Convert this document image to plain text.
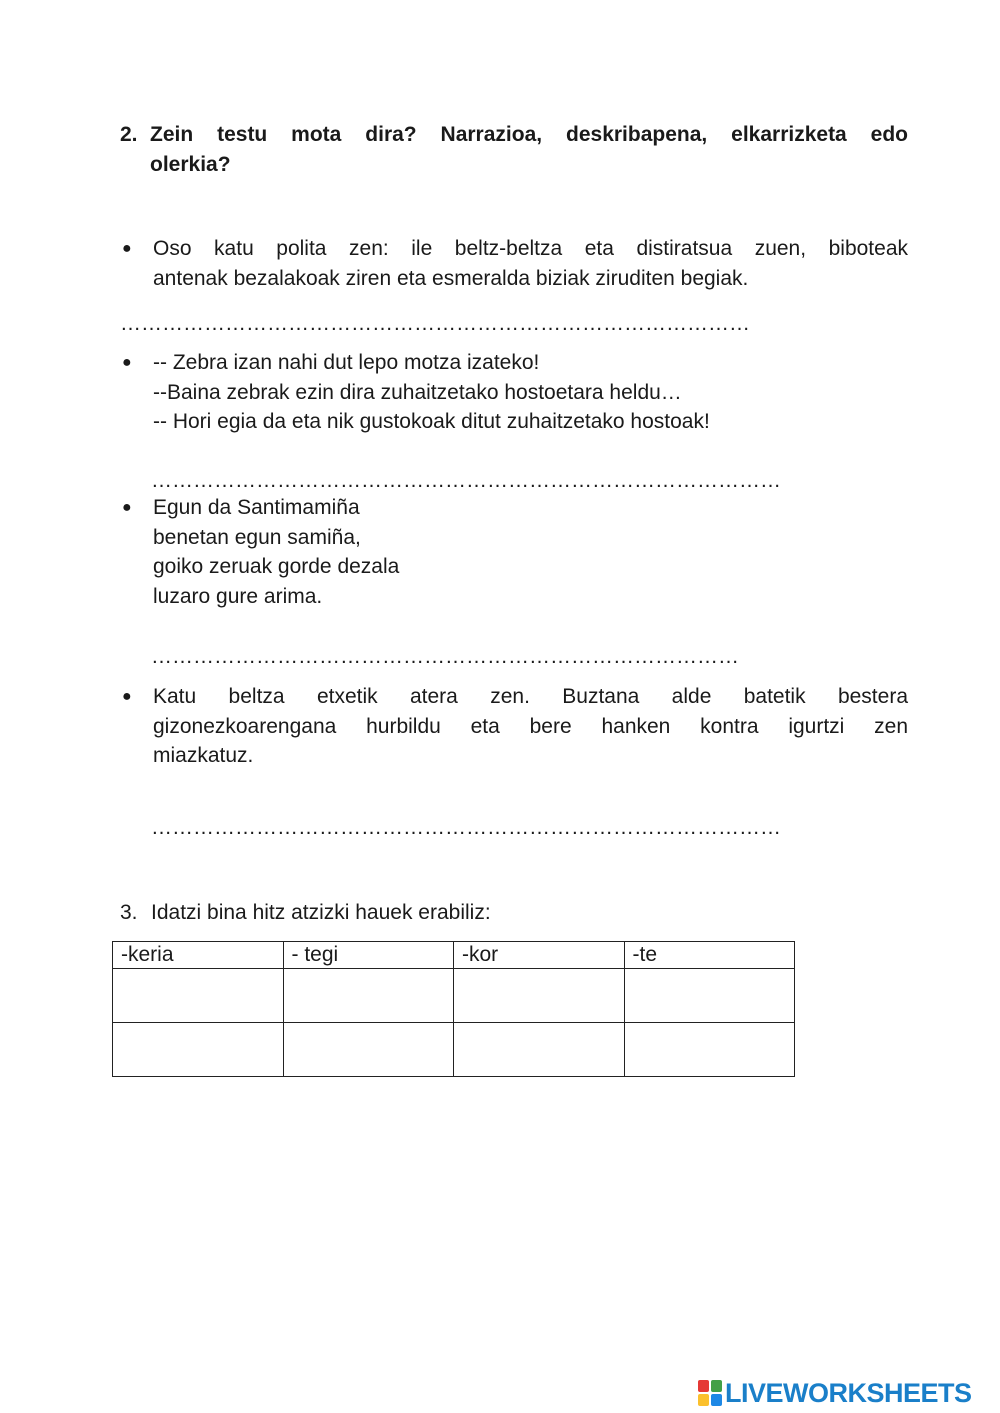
2. Zein testu mota dira? Narrazioa, deskribapena, elkarrizketa edo
olerkia?
●	Oso katu polita zen: ile beltz-beltza eta distiratsua zuen, biboteak
antenak bezalakoak ziren eta esmeralda biziak ziruditen begiak.
………………………………………………………………………………
●	-- Zebra izan nahi dut lepo motza izateko!
--Baina zebrak ezin dira zuhaitzetako hostoetara heldu…
-- Hori egia da eta nik gustokoak ditut zuhaitzetako hostoak!
………………………………………………………………………………
●	Egun da Santimamiña
benetan egun samiña,
goiko zeruak gorde dezala
luzaro gure arima.
…………………………………………………………………………
●	Katu beltza etxetik atera zen. Buztana alde batetik bestera
gizonezkoarengana hurbildu eta bere hanken kontra igurtzi zen
miazkatuz.
………………………………………………………………………………
3. Idatzi bina hitz atzizki hauek erabiliz:
-keria	- tegi	-kor	-te

LIVEWORKSHEETS
